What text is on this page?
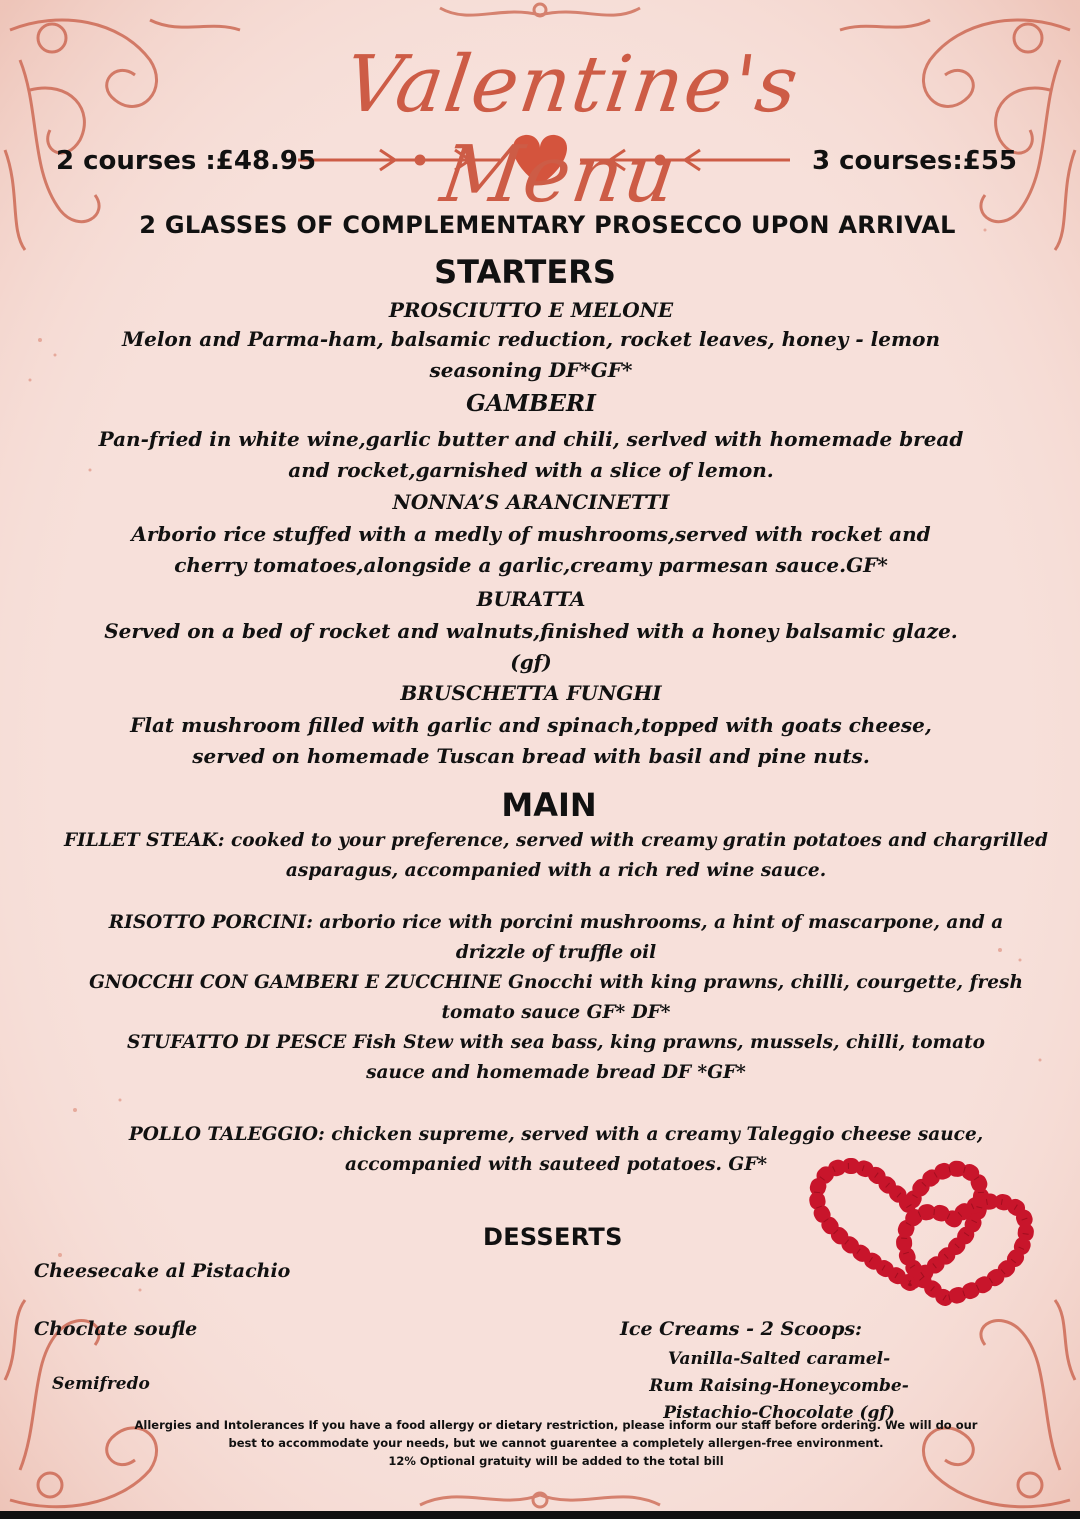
Valentine's Menu
2 courses :£48.95	3 courses:£55
2 GLASSES OF COMPLEMENTARY PROSECCO UPON ARRIVAL
STARTERS
PROSCIUTTO E MELONE
Melon and Parma-ham, balsamic reduction, rocket leaves, honey - lemon
seasoning DF*GF*
GAMBERI
Pan-fried in white wine,garlic butter and chili, serlved with homemade bread
and rocket,garnished with a slice of lemon.
NONNA’S ARANCINETTI
Arborio rice stuffed with a medly of mushrooms,served with rocket and
cherry tomatoes,alongside a garlic,creamy parmesan sauce.GF*
BURATTA
Served on a bed of rocket and walnuts,finished with a honey balsamic glaze.
(gf)
BRUSCHETTA FUNGHI
Flat mushroom filled with garlic and spinach,topped with goats cheese,
served on homemade Tuscan bread with basil and pine nuts.
MAIN
FILLET STEAK: cooked to your preference, served with creamy gratin potatoes and chargrilled
asparagus, accompanied with a rich red wine sauce.
RISOTTO PORCINI: arborio rice with porcini mushrooms, a hint of mascarpone, and a
drizzle of truffle oil
GNOCCHI CON GAMBERI E ZUCCHINE Gnocchi with king prawns, chilli, courgette, fresh
tomato sauce GF* DF*
STUFATTO DI PESCE Fish Stew with sea bass, king prawns, mussels, chilli, tomato
sauce and homemade bread DF *GF*
POLLO TALEGGIO: chicken supreme, served with a creamy Taleggio cheese sauce,
accompanied with sauteed potatoes. GF*
DESSERTS
Cheesecake al Pistachio
Choclate soufle
Semifredo
Ice Creams - 2 Scoops:
Vanilla-Salted caramel-
Rum Raising-Honeycombe-
Pistachio-Chocolate (gf)
Allergies and Intolerances If you have a food allergy or dietary restriction, please inform our staff before ordering. We will do our
best to accommodate your needs, but we cannot guarentee a completely allergen-free environment.
12% Optional gratuity will be added to the total bill
